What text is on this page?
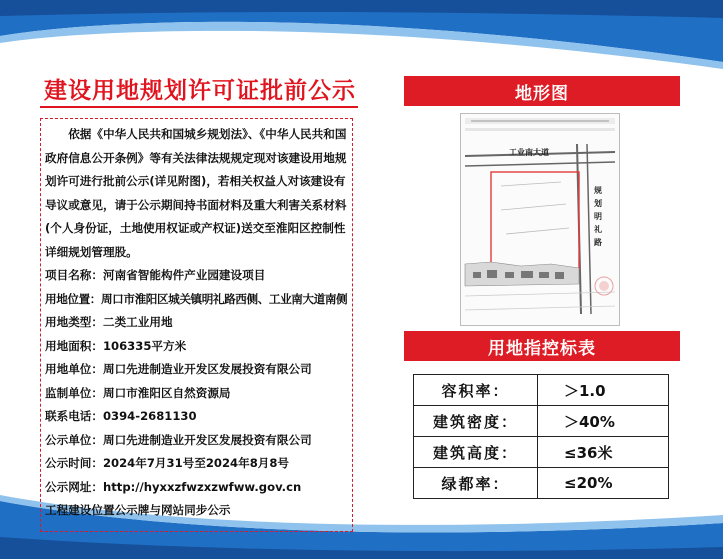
建设用地规划许可证批前公示

依据《中华人民共和国城乡规划法》、《中华人民共和国政府信息公开条例》等有关法律法规规定现对该建设用地规划许可进行批前公示(详见附图)，若相关权益人对该建设有导议或意见，请于公示期间持书面材料及重大利害关系材料(个人身份证，土地使用权证或产权证)送交至淮阳区控制性详细规划管理股。

项目名称：河南省智能构件产业园建设项目
用地位置：周口市淮阳区城关镇明礼路西侧、工业南大道南侧
用地类型：二类工业用地
用地面积：106335平方米
用地单位：周口先进制造业开发区发展投资有限公司
监制单位：周口市淮阳区自然资源局
联系电话：0394-2681130
公示单位：周口先进制造业开发区发展投资有限公司
公示时间：2024年7月31号至2024年8月8号
公示网址：http://hyxxzfwzxzwfww.gov.cn
工程建设位置公示牌与网站同步公示
地形图
工业南大道
规划明礼路
用地指控标表
容积率：	＞1.0
建筑密度：	＞40%
建筑高度：	≤36米
绿都率：	≤20%
